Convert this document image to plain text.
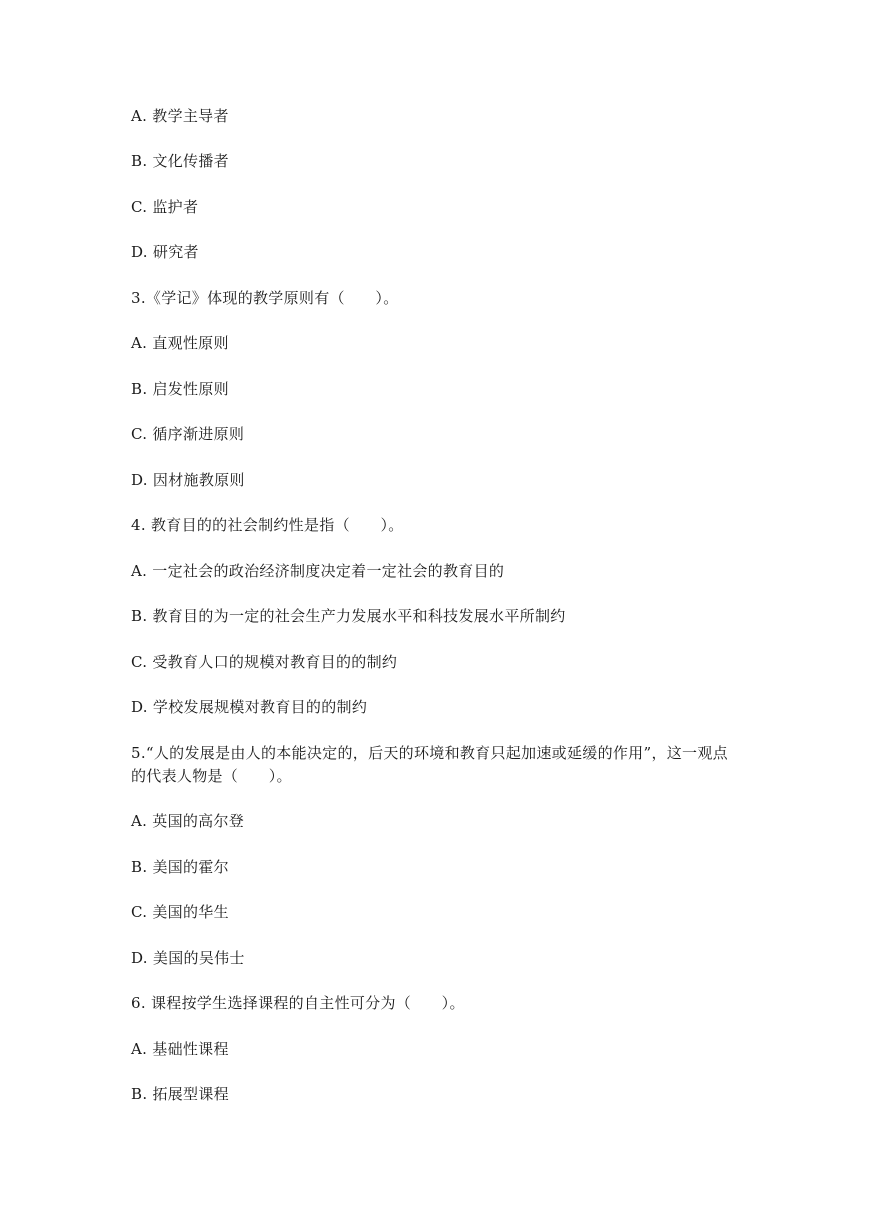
A. 教学主导者
B. 文化传播者
C. 监护者
D. 研究者
3.《学记》体现的教学原则有（　　）。
A. 直观性原则
B. 启发性原则
C. 循序渐进原则
D. 因材施教原则
4. 教育目的的社会制约性是指（　　）。
A. 一定社会的政治经济制度决定着一定社会的教育目的
B. 教育目的为一定的社会生产力发展水平和科技发展水平所制约
C. 受教育人口的规模对教育目的的制约
D. 学校发展规模对教育目的的制约
5.“人的发展是由人的本能决定的，后天的环境和教育只起加速或延缓的作用”，这一观点
的代表人物是（　　）。
A. 英国的高尔登
B. 美国的霍尔
C. 美国的华生
D. 美国的吴伟士
6. 课程按学生选择课程的自主性可分为（　　）。
A. 基础性课程
B. 拓展型课程
